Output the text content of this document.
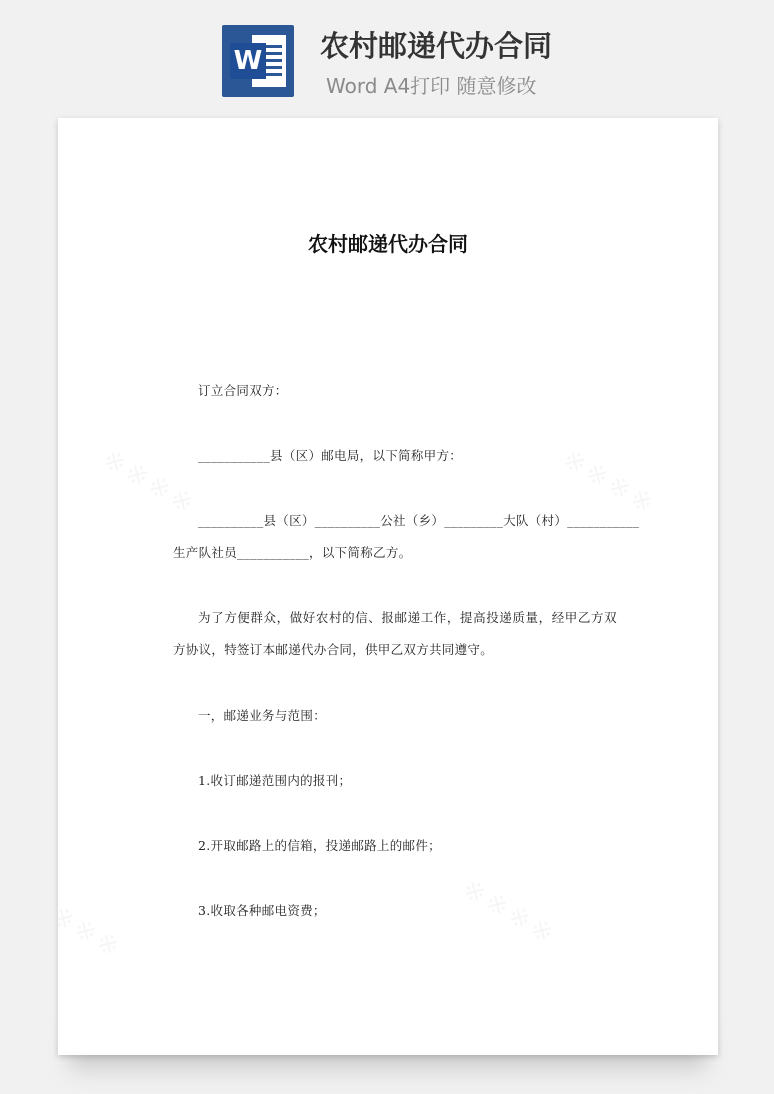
W 农村邮递代办合同
Word A4打印 随意修改
农村邮递代办合同
订立合同双方：
___________县（区）邮电局，以下简称甲方：
__________县（区）__________公社（乡）_________大队（村）___________
生产队社员___________，以下简称乙方。
为了方便群众，做好农村的信、报邮递工作，提高投递质量，经甲乙方双
方协议，特签订本邮递代办合同，供甲乙双方共同遵守。
一，邮递业务与范围：
1.收订邮递范围内的报刊；
2.开取邮路上的信箱，投递邮路上的邮件；
3.收取各种邮电资费；
